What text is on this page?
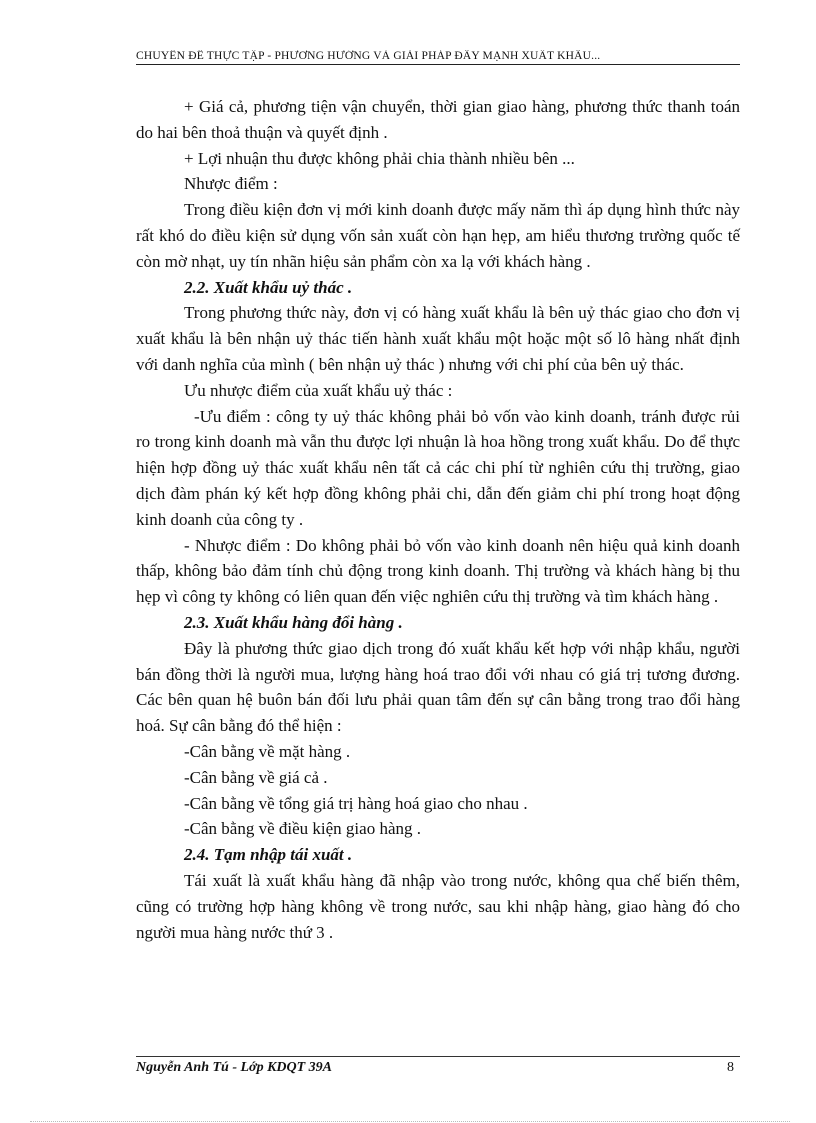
CHUYÊN ĐỀ THỰC TẬP - PHƯƠNG HƯỚNG VÀ GIẢI PHÁP ĐẨY MẠNH XUẤT KHẨU...

+ Giá cả, phương tiện vận chuyển, thời gian giao hàng, phương thức thanh toán do hai bên thoả thuận và quyết định .

+ Lợi nhuận thu được không phải chia thành nhiều bên ...

Nhược điểm :

Trong điều kiện đơn vị mới kinh doanh được mấy năm thì áp dụng hình thức này rất khó do điều kiện sử dụng vốn sản xuất còn hạn hẹp, am hiểu thương trường quốc tế còn mờ nhạt, uy tín nhãn hiệu sản phẩm còn xa lạ với khách hàng .

2.2. Xuất khẩu uỷ thác .

Trong phương thức này, đơn vị có hàng xuất khẩu là bên uỷ thác giao cho đơn vị xuất khẩu là bên nhận uỷ thác tiến hành xuất khẩu một hoặc một số lô hàng nhất định với danh nghĩa của mình ( bên nhận uỷ thác ) nhưng với chi phí của bên uỷ thác.

Ưu nhược điểm của xuất khẩu uỷ thác :

-Ưu điểm : công ty uỷ thác không phải bỏ vốn vào kinh doanh, tránh được rủi ro trong kinh doanh mà vẫn thu được lợi nhuận là hoa hồng trong xuất khẩu. Do để thực hiện hợp đồng uỷ thác xuất khẩu nên tất cả các chi phí từ nghiên cứu thị trường, giao dịch đàm phán ký kết hợp đồng không phải chi, dẫn đến giảm chi phí trong hoạt động kinh doanh của công ty .

- Nhược điểm : Do không phải bỏ vốn vào kinh doanh nên hiệu quả kinh doanh thấp, không bảo đảm tính chủ động trong kinh doanh. Thị trường và khách hàng bị thu hẹp vì công ty không có liên quan đến việc nghiên cứu thị trường và tìm khách hàng .

2.3. Xuất khẩu hàng đổi hàng .

Đây là phương thức giao dịch trong đó xuất khẩu kết hợp với nhập khẩu, người bán đồng thời là người mua, lượng hàng hoá trao đổi với nhau có giá trị tương đương. Các bên quan hệ buôn bán đối lưu phải quan tâm đến sự cân bằng trong trao đổi hàng hoá. Sự cân bằng đó thể hiện :

-Cân bằng về mặt hàng .

-Cân bằng về giá cả .

-Cân bằng về tổng giá trị hàng hoá giao cho nhau .

-Cân bằng về điều kiện giao hàng .

2.4. Tạm nhập tái xuất .

Tái xuất là xuất khẩu hàng đã nhập vào trong nước, không qua chế biến thêm, cũng có trường hợp hàng không về trong nước, sau khi nhập hàng, giao hàng đó cho người mua hàng nước thứ 3 .

Nguyễn Anh Tú - Lớp KDQT 39A	8
